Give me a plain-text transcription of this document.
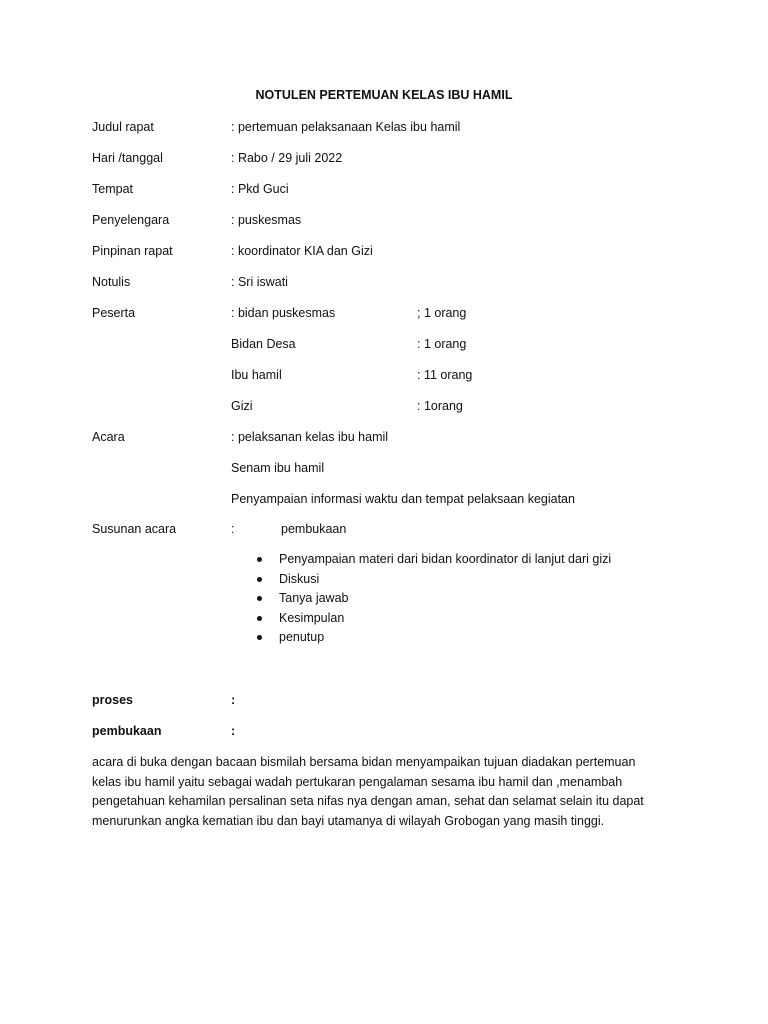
NOTULEN PERTEMUAN KELAS IBU HAMIL
Judul rapat	: pertemuan pelaksanaan Kelas ibu hamil
Hari /tanggal	: Rabo / 29 juli 2022
Tempat	: Pkd Guci
Penyelengara	: puskesmas
Pinpinan rapat	: koordinator KIA dan Gizi
Notulis	: Sri iswati
Peserta	: bidan puskesmas	; 1 orang
Bidan Desa	: 1 orang
Ibu hamil	: 11 orang
Gizi	: 1orang
Acara	: pelaksanan kelas ibu hamil
Senam ibu hamil
Penyampaian informasi waktu dan tempat pelaksaan kegiatan
Susunan acara	:	pembukaan
Penyampaian materi dari bidan koordinator di lanjut dari gizi
Diskusi
Tanya jawab
Kesimpulan
penutup
proses	:
pembukaan	:
acara di buka dengan bacaan bismilah bersama bidan menyampaikan tujuan diadakan pertemuan
kelas ibu hamil yaitu sebagai wadah pertukaran pengalaman sesama ibu hamil dan ,menambah
pengetahuan kehamilan persalinan seta nifas nya dengan aman, sehat dan selamat selain itu dapat
menurunkan angka kematian ibu dan bayi utamanya di wilayah Grobogan yang masih tinggi.
